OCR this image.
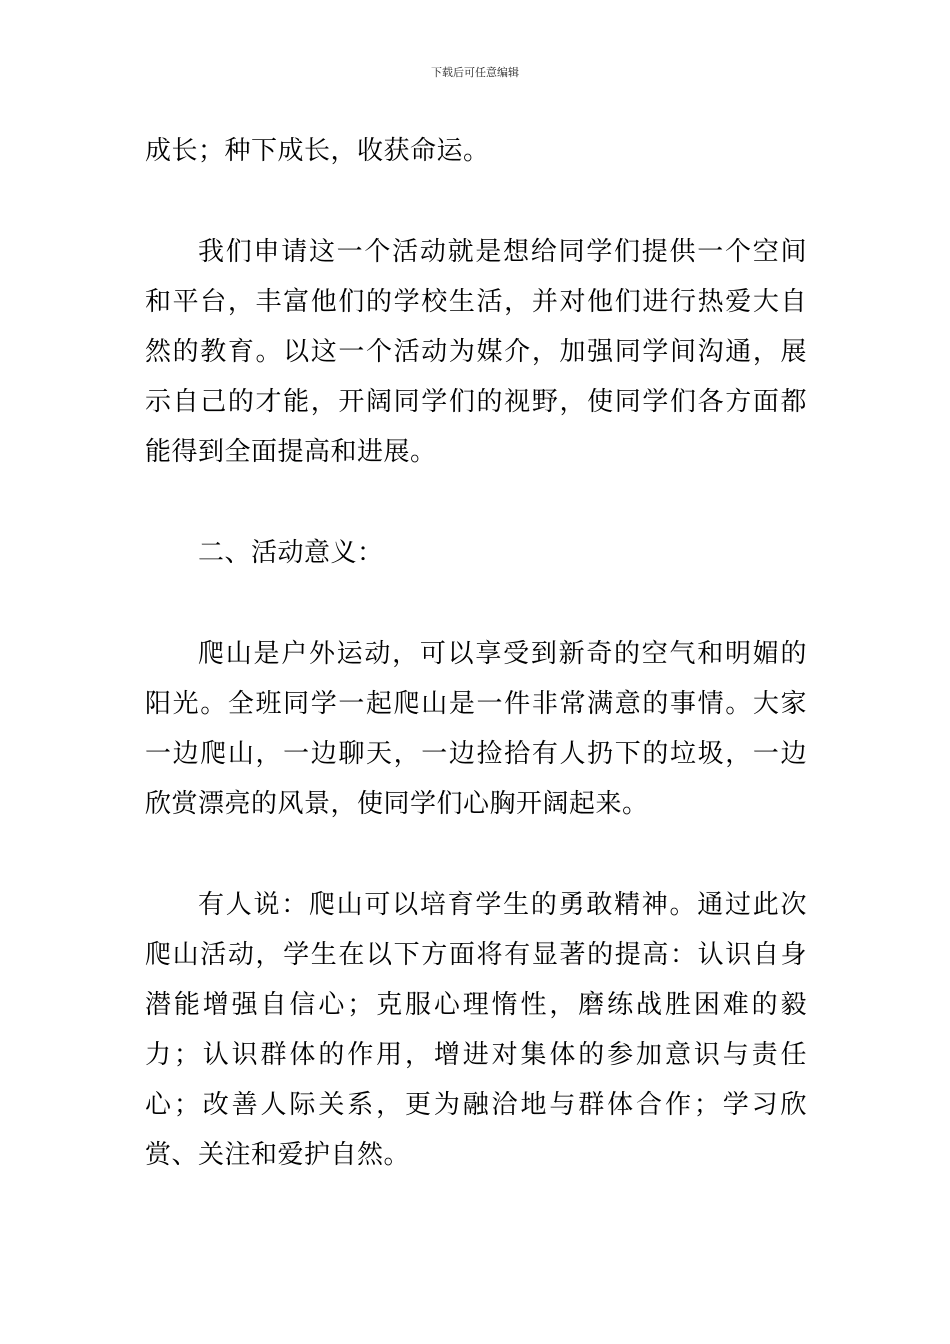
下载后可任意编辑

成长；种下成长，收获命运。

我们申请这一个活动就是想给同学们提供一个空间和平台，丰富他们的学校生活，并对他们进行热爱大自然的教育。以这一个活动为媒介，加强同学间沟通，展示自己的才能，开阔同学们的视野，使同学们各方面都能得到全面提高和进展。

二、活动意义：

爬山是户外运动，可以享受到新奇的空气和明媚的阳光。全班同学一起爬山是一件非常满意的事情。大家一边爬山，一边聊天，一边捡拾有人扔下的垃圾，一边欣赏漂亮的风景，使同学们心胸开阔起来。

有人说：爬山可以培育学生的勇敢精神。通过此次爬山活动，学生在以下方面将有显著的提高：认识自身潜能增强自信心；克服心理惰性，磨练战胜困难的毅力；认识群体的作用，增进对集体的参加意识与责任心；改善人际关系，更为融洽地与群体合作；学习欣赏、关注和爱护自然。
